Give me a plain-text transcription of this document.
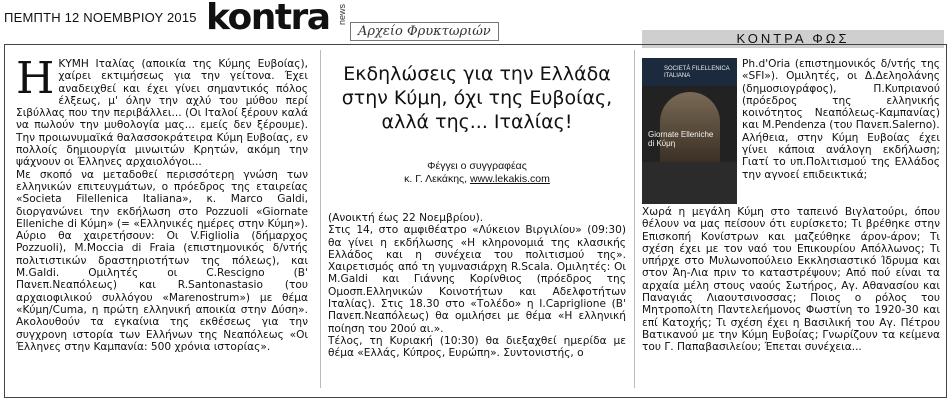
ΠΕΜΠΤΗ 12 ΝΟΕΜΒΡΙΟΥ 2015 kontra news
Αρχείο Φρυκτωριών	ΚΟΝΤΡΑ ΦΩΣ

Η ΚΥΜΗ Ιταλίας (αποικία της Κύμης Ευβοίας), χαίρει εκτιμήσεως για την γείτονα. Έχει αναδειχθεί και έχει γίνει σημαντικός πόλος έλξεως, μ' όλην την αχλύ του μύθου περί Σιβύλλας που την περιβάλλει... (Οι Ιταλοί ξέρουν καλά να πωλούν την μυθολογία μας... εμείς δεν ξέρουμε). Την προιωνυμαϊκά θαλασσοκράτειρα Κύμη Ευβοίας, εν πολλοίς δημιουργία μινωιτών Κρητών, ακόμη την ψάχνουν οι Έλληνες αρχαιολόγοι...

Με σκοπό να μεταδοθεί περισσότερη γνώση των ελληνικών επιτευγμάτων, ο πρόεδρος της εταιρείας «Societa Filellenica Italiana», κ. Marco Galdi, διοργανώνει την εκδήλωση στο Pozzuoli «Giornate Elleniche di Kύμη» (= «Ελληνικές ημέρες στην Κύμη»). Αύριο θα χαιρετήσουν: Οι V.Figliolia (δήμαρχος Pozzuoli), M.Moccia di Fraia (επιστημονικός δ/ντής πολιτιστικών δραστηριοτήτων της πόλεως), και M.Galdi. Ομιλητές οι C.Rescigno (Β' Πανεπ.Νεαπόλεως) και R.Santonastasio (του αρχαιοφιλικού συλλόγου «Marenostrum») με θέμα «Κύμη/Cuma, η πρώτη ελληνική αποικία στην Δύση». Ακολουθούν τα εγκαίνια της εκθέσεως για την συγχρονη ιστορία των Ελλήνων της Νεαπόλεως «Οι Έλληνες στην Καμπανία: 500 χρόνια ιστορίας».

Εκδηλώσεις για την Ελλάδα στην Κύμη, όχι της Ευβοίας, αλλά της... Ιταλίας!
Φέγγει ο συγγραφέας
κ. Γ. Λεκάκης, www.lekakis.com

(Ανοικτή έως 22 Νοεμβρίου).

Στις 14, στο αμφιθέατρο «Λύκειον Βιργιλίου» (09:30) θα γίνει η εκδήλωσης «Η κληρονομιά της κλασικής Ελλάδος και η συνέχεια του πολιτισμού της». Χαιρετισμός από τη γυμνασιάρχη R.Scala. Ομιλητές: Οι M.Galdi και Γιάννης Κορίνθιος (πρόεδρος της Ομοσπ.Ελληνικών Κοινοτήτων και Αδελφοτήτων Ιταλίας). Στις 18.30 στο «Τολέδο» η I.Capriglione (Β' Πανεπ.Νεαπόλεως) θα ομιλήσει με θέμα «Η ελληνική ποίηση του 20ού αι.».

Τέλος, τη Κυριακή (10:30) θα διεξαχθεί ημερίδα με θέμα «Ελλάς, Κύπρος, Ευρώπη». Συντονιστής, ο

SOCIETÀ FILELLENICA ITALIANA
Giornate Elleniche di Kύμη

Ph.d'Oria (επιστημονικός δ/ντής της «SFI»). Ομιλητές, οι Δ.Δεληολάνης (δημοσιογράφος), Π.Κυπριανού (πρόεδρος της ελληνικής κοινότητος Νεαπόλεως-Καμπανίας) και M.Pendenza (του Πανεπ.Salerno).

Αλήθεια, στην Κύμη Ευβοίας έχει γίνει κάποια ανάλογη εκδήλωση; Γιατί το υπ.Πολιτισμού της Ελλάδος την αγνοεί επιδεικτικά;

Χωρά η μεγάλη Κύμη στο ταπεινό Βιγλατούρι, όπου θέλουν να μας πείσουν ότι ευρίσκετο; Τι βρέθηκε στην Επισκοπή Κονίστρων και μαζεύθηκε άρον-άρον; Τι σχέση έχει με τον ναό του Επικουρίου Απόλλωνος; Τι υπήρχε στο Μυλωνοπούλειο Εκκλησιαστικό Ίδρυμα και στον Άη-Λια πριν το καταστρέψουν; Από πού είναι τα αρχαία μέλη στους ναούς Σωτήρος, Αγ. Αθανασίου και Παναγιάς Λιαουτσινοσσας; Ποιος ο ρόλος του Μητροπολίτη Παντελεήμονος Φωστίνη το 1920-30 και επί Κατοχής; Τι σχέση έχει η Βασιλική του Αγ. Πέτρου Βατικανού με την Κύμη Ευβοίας; Γνωρίζουν τα κείμενα του Γ. Παπαβασιλείου; Έπεται συνέχεια...
